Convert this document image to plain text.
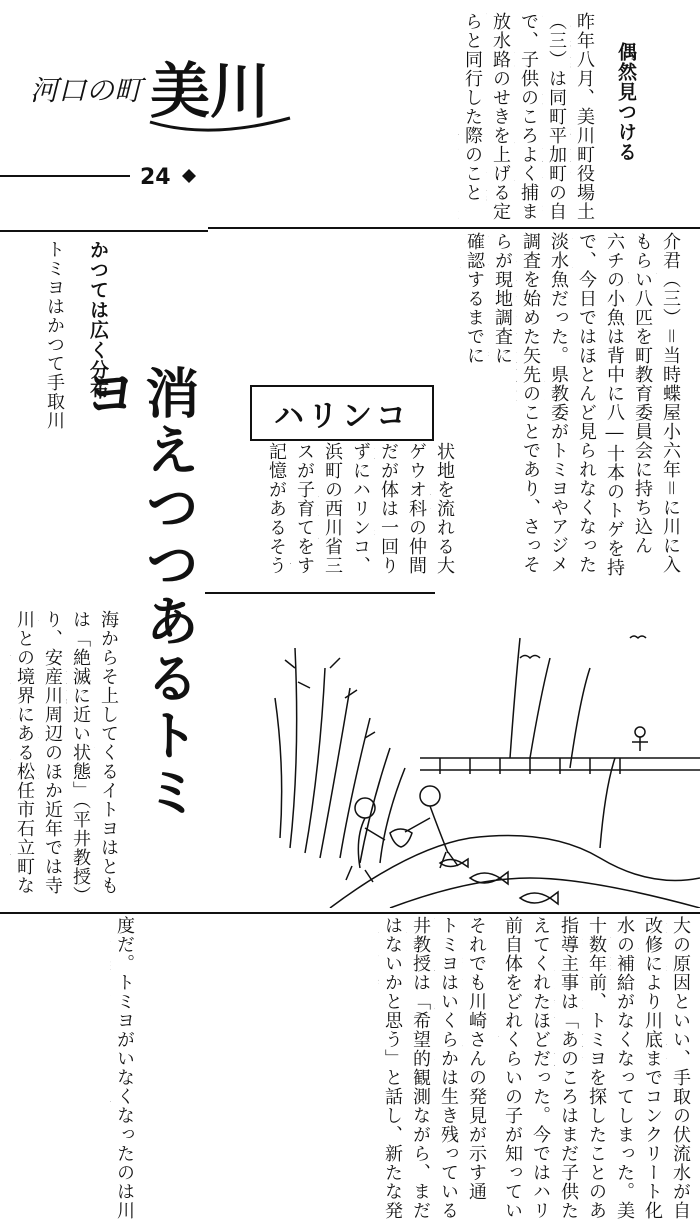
河口の町 美川
24
消えつつあるトミヨ	ハリンコ
偶然見つける
昨年八月、美川町役場土
（三）は同町平加町の自
で、子供のころよく捕ま
放水路のせきを上げる定
らと同行した際のこと
介君（三）＝当時蝶屋小六年＝に川に入
もらい八匹を町教育委員会に持ち込ん
六チの小魚は背中に八―十本のトゲを持
で、今日ではほとんど見られなくなった
淡水魚だった。県教委がトミヨやアジメ
調査を始めた矢先のことであり、さっそ
らが現地調査に
確認するまでに
かつては広く分布
トミヨはかつて手取川
状地を流れる大
ゲウオ科の仲間
だが体は一回り
ずにハリンコ、
浜町の西川省三
スが子育てをす
記憶があるそう
海からそ上してくるイトヨはとも
は「絶滅に近い状態」（平井教授）
り、安産川周辺のほか近年では寺
川との境界にある松任市石立町な
度だ。トミヨがいなくなったのは川
大の原因といい、手取の伏流水が自
改修により川底までコンクリート化
水の補給がなくなってしまった。美
十数年前、トミヨを探したことのあ
指導主事は「あのころはまだ子供た
えてくれたほどだった。今ではハリ
前自体をどれくらいの子が知ってい
それでも川崎さんの発見が示す通
トミヨはいくらかは生き残っている
井教授は「希望的観測ながら、まだ
はないかと思う」と話し、新たな発
